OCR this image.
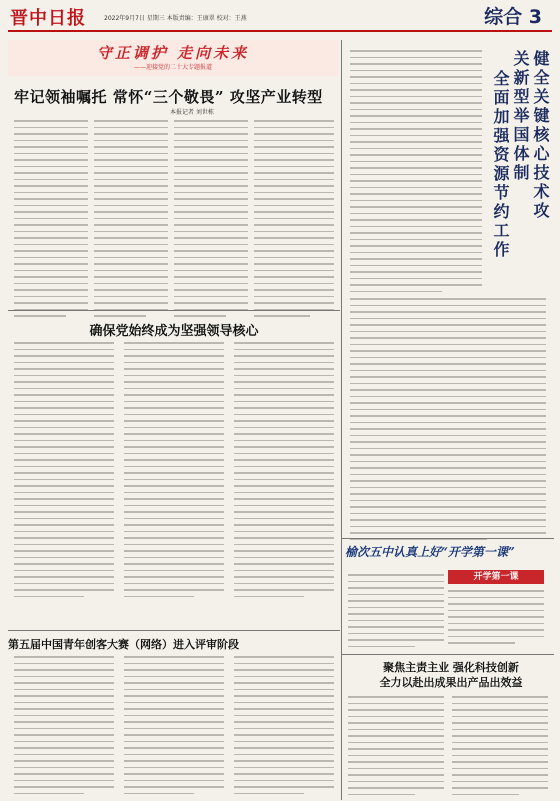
晋中日报	2022年9月7日 星期三 本版责编：王康翠 校对：王燕	综合 3
守正调护 走向未来
——迎接党的二十大专题报道
牢记领袖嘱托 常怀“三个敬畏” 攻坚产业转型
本报记者 刘世栋	健全关键核心技术攻
关新型举国体制
全面加强资源节约工作
确保党始终成为坚强领导核心
榆次五中认真上好“开学第一课”
开学第一课
聚焦主责主业 强化科技创新
全力以赴出成果出产品出效益
第五届中国青年创客大赛（网络）进入评审阶段
